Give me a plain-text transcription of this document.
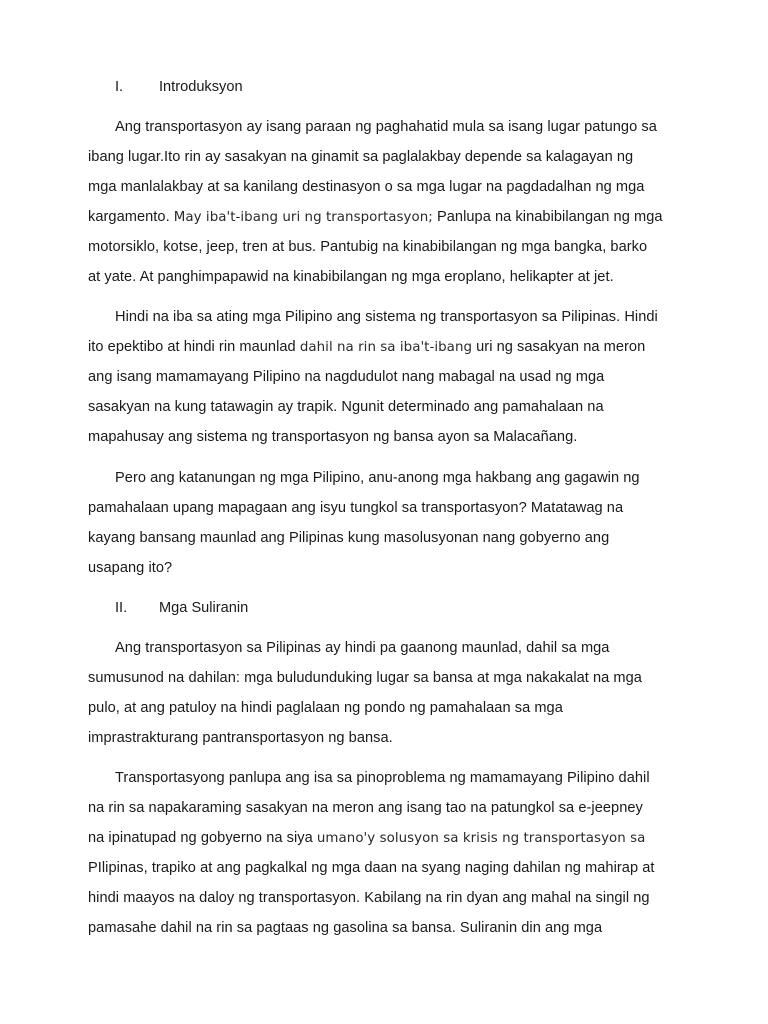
I. Introduksyon
Ang transportasyon ay isang paraan ng paghahatid mula sa isang lugar patungo sa
ibang lugar.Ito rin ay sasakyan na ginamit sa paglalakbay depende sa kalagayan ng
mga manlalakbay at sa kanilang destinasyon o sa mga lugar na pagdadalhan ng mga
kargamento. May iba't-ibang uri ng transportasyon; Panlupa na kinabibilangan ng mga
motorsiklo, kotse, jeep, tren at bus. Pantubig na kinabibilangan ng mga bangka, barko
at yate. At panghimpapawid na kinabibilangan ng mga eroplano, helikapter at jet.
Hindi na iba sa ating mga Pilipino ang sistema ng transportasyon sa Pilipinas. Hindi
ito epektibo at hindi rin maunlad dahil na rin sa iba't-ibang uri ng sasakyan na meron
ang isang mamamayang Pilipino na nagdudulot nang mabagal na usad ng mga
sasakyan na kung tatawagin ay trapik. Ngunit determinado ang pamahalaan na
mapahusay ang sistema ng transportasyon ng bansa ayon sa Malacañang.
Pero ang katanungan ng mga Pilipino, anu-anong mga hakbang ang gagawin ng
pamahalaan upang mapagaan ang isyu tungkol sa transportasyon? Matatawag na
kayang bansang maunlad ang Pilipinas kung masolusyonan nang gobyerno ang
usapang ito?
II. Mga Suliranin
Ang transportasyon sa Pilipinas ay hindi pa gaanong maunlad, dahil sa mga
sumusunod na dahilan: mga buludunduking lugar sa bansa at mga nakakalat na mga
pulo, at ang patuloy na hindi paglalaan ng pondo ng pamahalaan sa mga
imprastrakturang pantransportasyon ng bansa.
Transportasyong panlupa ang isa sa pinoproblema ng mamamayang Pilipino dahil
na rin sa napakaraming sasakyan na meron ang isang tao na patungkol sa e-jeepney
na ipinatupad ng gobyerno na siya umano'y solusyon sa krisis ng transportasyon sa
PIlipinas, trapiko at ang pagkalkal ng mga daan na syang naging dahilan ng mahirap at
hindi maayos na daloy ng transportasyon. Kabilang na rin dyan ang mahal na singil ng
pamasahe dahil na rin sa pagtaas ng gasolina sa bansa. Suliranin din ang mga
